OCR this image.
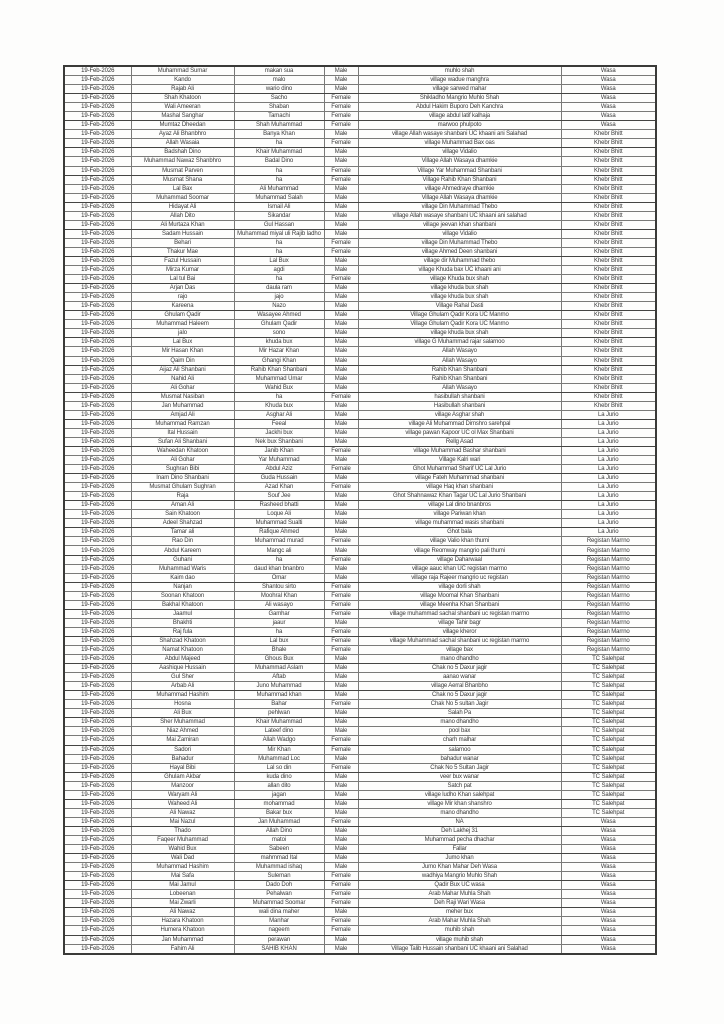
19-Feb-2026	Muhammad Sumar	makan sua	Male	muhlo shah	Wasa
19-Feb-2026	Kando	malo	Male	village wadue manghra	Wasa
19-Feb-2026	Rajab Ali	wario dino	Male	village sarwed mahar	Wasa
19-Feb-2026	Shah Khatoon	Sacho	Female	Shikladho Mangrio Muhlo Shah	Wasa
19-Feb-2026	Wali Ameeran	Shaban	Female	Abdul Hakim Buporo Deh Kanchra	Wasa
19-Feb-2026	Mashal Sanghar	Tamachi	Female	village abdul latif kalhaja	Wasa
19-Feb-2026	Mumtaz Dheedan	Shah Muhammad	Female	marwoo phulpoto	Wasa
19-Feb-2026	Ayaz Ali Bhanbhro	Banya Khan	Male	village Allah wasaye shanbani UC khaani ani Salahad	Khebr Bhitt
19-Feb-2026	Allah Wasaia	ha	Female	village Muhammad Bax oas	Khebr Bhitt
19-Feb-2026	Badshah Dino	Khair Muhammad	Male	village Vidalio	Khebr Bhitt
19-Feb-2026	Muhammad Nawaz Shanbhro	Badal Dino	Male	Village Allah Wasaya dhamkie	Khebr Bhitt
19-Feb-2026	Musmat Parven	ha	Female	Village Yar Muhammad Shanbani	Khebr Bhitt
19-Feb-2026	Musmat Shana	ha	Female	Village Rahib Khan Shanbani	Khebr Bhitt
19-Feb-2026	Lal Bax	Ali Muhammad	Male	village Ahmedraye dhamkie	Khebr Bhitt
19-Feb-2026	Muhammad Soomar	Muhammad Salah	Male	Village Allah Wasaya dhamkie	Khebr Bhitt
19-Feb-2026	Hidayat Ali	Ismail Ali	Male	village Din Muhammad Thebo	Khebr Bhitt
19-Feb-2026	Allah Dito	Sikandar	Male	village Allah wasaye shanbani UC khaani ani salahad	Khebr Bhitt
19-Feb-2026	Ali Murtaza Khan	Gul Hassan	Male	village jeevan khan shanbani	Khebr Bhitt
19-Feb-2026	Sadam Hussain	Muhammad miyal uli Rajib ladho	Male	village Vidalio	Khebr Bhitt
19-Feb-2026	Behari	ha	Female	village Din Muhammad Thebo	Khebr Bhitt
19-Feb-2026	Thakur Mae	ha	Female	village Ahmed Deen shanbani	Khebr Bhitt
19-Feb-2026	Fazul Hussain	Lal Bux	Male	village dir Muhammad thebo	Khebr Bhitt
19-Feb-2026	Mirza Kumar	agdi	Male	village Khuda bax UC khaani ani	Khebr Bhitt
19-Feb-2026	Lal tul Bai	ha	Female	village Khuda bux shah	Khebr Bhitt
19-Feb-2026	Arjan Das	daula ram	Male	village khuda bux shah	Khebr Bhitt
19-Feb-2026	rajo	jajo	Male	village khuda bux shah	Khebr Bhitt
19-Feb-2026	Kareena	Nazo	Male	Village Rahal Dasti	Khebr Bhitt
19-Feb-2026	Ghulam Qadir	Wasayee Ahmed	Male	Village Ghulam Qadir Kora UC Manrno	Khebr Bhitt
19-Feb-2026	Muhammad Haleem	Ghulam Qadir	Male	Village Ghulam Qadir Kora UC Manrno	Khebr Bhitt
19-Feb-2026	jalo	sono	Male	village khuda bux shah	Khebr Bhitt
19-Feb-2026	Lal Bux	khuda bux	Male	village G Muhammad rajar salarnoo	Khebr Bhitt
19-Feb-2026	Mir Hasan Khan	Mir Hazar Khan	Male	Allah Wasayo	Khebr Bhitt
19-Feb-2026	Qaim Din	Ghangi Khan	Male	Allah Wasayo	Khebr Bhitt
19-Feb-2026	Aijaz Ali Shanbani	Rahib Khan Shanbani	Male	Rahib Khan Shanbani	Khebr Bhitt
19-Feb-2026	Nahid Ali	Muhammad Umar	Male	Rahib Khan Shanbani	Khebr Bhitt
19-Feb-2026	Ali Gohar	Wahid Bux	Male	Allah Wasayo	Khebr Bhitt
19-Feb-2026	Musmat Nasiban	ha	Female	hasibullah shanbani	Khebr Bhitt
19-Feb-2026	Jan Muhammad	Khuda bux	Male	Hasibullah shanbani	Khebr Bhitt
19-Feb-2026	Amjad Ali	Asghar Ali	Male	village Asghar shah	La Jurio
19-Feb-2026	Muhammad Ramzan	Feeal	Male	village Ali Muhammad Dirnshro sarehpal	La Jurio
19-Feb-2026	Ital Hussain	Jackhi bux	Male	village pawan Kapoor UC ol Max Shanbani	La Jurio
19-Feb-2026	Sufan Ali Shanbani	Nek bux Shanbani	Male	Rellg Asad	La Jurio
19-Feb-2026	Waheedan Khatoon	Janib Khan	Female	village Muhammad Bashar shanbani	La Jurio
19-Feb-2026	Ali Gohar	Yar Muhammad	Male	Village Kalri wari	La Jurio
19-Feb-2026	Sughran Bibi	Abdul Aziz	Female	Ghot Muhammad Sharif UC Lal Jurio	La Jurio
19-Feb-2026	Inam Dino Shanbani	Guda Hussain	Male	village Fateh Muhammad shanbani	La Jurio
19-Feb-2026	Musmat Ghulam Sughran	Azad Khan	Female	village Haq khan shanbani	La Jurio
19-Feb-2026	Raja	Souf Jee	Male	Ghot Shahnawaz Khan Tagar UC Lal Jurio Shanbani	La Jurio
19-Feb-2026	Aman Ali	Rasheed bhatti	Male	village Lal dino bnanbros	La Jurio
19-Feb-2026	Sain Khatoon	Loque Ali	Male	village Pariwan khan	La Jurio
19-Feb-2026	Adeel Shahzad	Muhammad Sualti	Male	village muhammad wasis shanbani	La Jurio
19-Feb-2026	Tamar ali	Rafique Ahmed	Male	Ghot bala	La Jurio
19-Feb-2026	Rao Din	Muhammad murad	Female	village Valio khan thumi	Registan Marrno
19-Feb-2026	Abdul Kareem	Mangc ali	Male	village Reomway mangrio pali thumi	Registan Marrno
19-Feb-2026	Guhani	ha	Female	village Daharwaal	Registan Marrno
19-Feb-2026	Muhammad Waris	daud khan bnanbro	Male	village aauc khan UC registan marrno	Registan Marrno
19-Feb-2026	Kaim dao	Omar	Male	village raja Rajeer mangrio uc registan	Registan Marrno
19-Feb-2026	Nanjan	Shantou sirto	Female	village dorli shah	Registan Marrno
19-Feb-2026	Soonan Khatoon	Moohral Khan	Female	village Moomal Khan Shanbani	Registan Marrno
19-Feb-2026	Bakhal Khatoon	Ali wasayo	Female	village Meenha Khan Shanbani	Registan Marrno
19-Feb-2026	Jaamul	Gamhar	Female	village muhammad sachal shanbani uc registan marrno	Registan Marrno
19-Feb-2026	Bhakhti	jaaur	Male	village Tahir bagr	Registan Marrno
19-Feb-2026	Raj fula	ha	Female	village kheror	Registan Marrno
19-Feb-2026	Shahzad Khatoon	Lal bux	Female	village Muhammad sachal shanbani uc registan marrno	Registan Marrno
19-Feb-2026	Namat Khatoon	Bhale	Female	village bax	Registan Marrno
19-Feb-2026	Abdul Majeed	Ghous Bux	Male	mano dhandho	TC Salehpat
19-Feb-2026	Aashique Hussain	Muhammad Aslam	Male	Chak no 5 Daxur jagir	TC Salehpat
19-Feb-2026	Gul Sher	Aftab	Male	aanao wanar	TC Salehpat
19-Feb-2026	Arbab Ali	Juno Muhammad	Male	village Aerral Bhanbho	TC Salehpat
19-Feb-2026	Muhammad Hashim	Muhammad khan	Male	Chak no 5 Daxur jagir	TC Salehpat
19-Feb-2026	Hosna	Bahar	Female	Chak No 5 sultan Jagir	TC Salehpat
19-Feb-2026	Ali Bux	pehlwan	Male	Salah Pa	TC Salehpat
19-Feb-2026	Sher Muhammad	Khair Muhammad	Male	mano dhandho	TC Salehpat
19-Feb-2026	Niaz Ahmed	Lateef dino	Male	pool bax	TC Salehpat
19-Feb-2026	Mai Zamiran	Allah Wadgo	Female	charh malhar	TC Salehpat
19-Feb-2026	Sadori	Mir Khan	Female	salarnoo	TC Salehpat
19-Feb-2026	Bahadur	Muhammad Loc	Male	bahadur wanar	TC Salehpat
19-Feb-2026	Hayal Bibi	Lal so din	Female	Chak No 5 Sultan Jagir	TC Salehpat
19-Feb-2026	Ghulam Akbar	kuda dino	Male	veer bux wanar	TC Salehpat
19-Feb-2026	Manzoor	allan dito	Male	Satch pat	TC Salehpat
19-Feb-2026	Waryam Ali	jagan	Male	village ludho Khan salehpat	TC Salehpat
19-Feb-2026	Waheed Ali	mohammad	Male	village Mir khan shanshro	TC Salehpat
19-Feb-2026	Ali Nawaz	Bakar bux	Male	mano dhandho	TC Salehpat
19-Feb-2026	Mai Nazul	Jan Muhammad	Female	NA	Wasa
19-Feb-2026	Thado	Allah Dino	Male	Deh Lakhej 31	Wasa
19-Feb-2026	Faqeer Muhammad	matoi	Male	Muhammad pecha dhachar	Wasa
19-Feb-2026	Wahid Bux	Sabeen	Male	Fallar	Wasa
19-Feb-2026	Wali Dad	mahmmad Ital	Male	Jumo khan	Wasa
19-Feb-2026	Muhammad Hashim	Muhammad ishaq	Male	Jumo Khan Mahar Deh Wasa	Wasa
19-Feb-2026	Mai Safa	Suleman	Female	wadhiya Mangrio Muhlo Shah	Wasa
19-Feb-2026	Mai Jamul	Dado Doh	Female	Qadir Bux UC wasa	Wasa
19-Feb-2026	Lobeenan	Pehalwan	Female	Arab Mahar Muhla Shah	Wasa
19-Feb-2026	Mai Zwarli	Muhammad Soomar	Female	Deh Raji Wari Wasa	Wasa
19-Feb-2026	Ali Nawaz	wali dina maher	Male	meher bux	Wasa
19-Feb-2026	Hazara Khatoon	Manhar	Female	Arab Mahar Muhla Shah	Wasa
19-Feb-2026	Humera Khatoon	nageem	Female	muhib shah	Wasa
19-Feb-2026	Jan Muhammad	perawan	Male	village muhib shah	Wasa
19-Feb-2026	Fahim Ali	SAHIB KHAN	Male	Village Talib Hussain shanbani UC khaani ani Salahad	Wasa
